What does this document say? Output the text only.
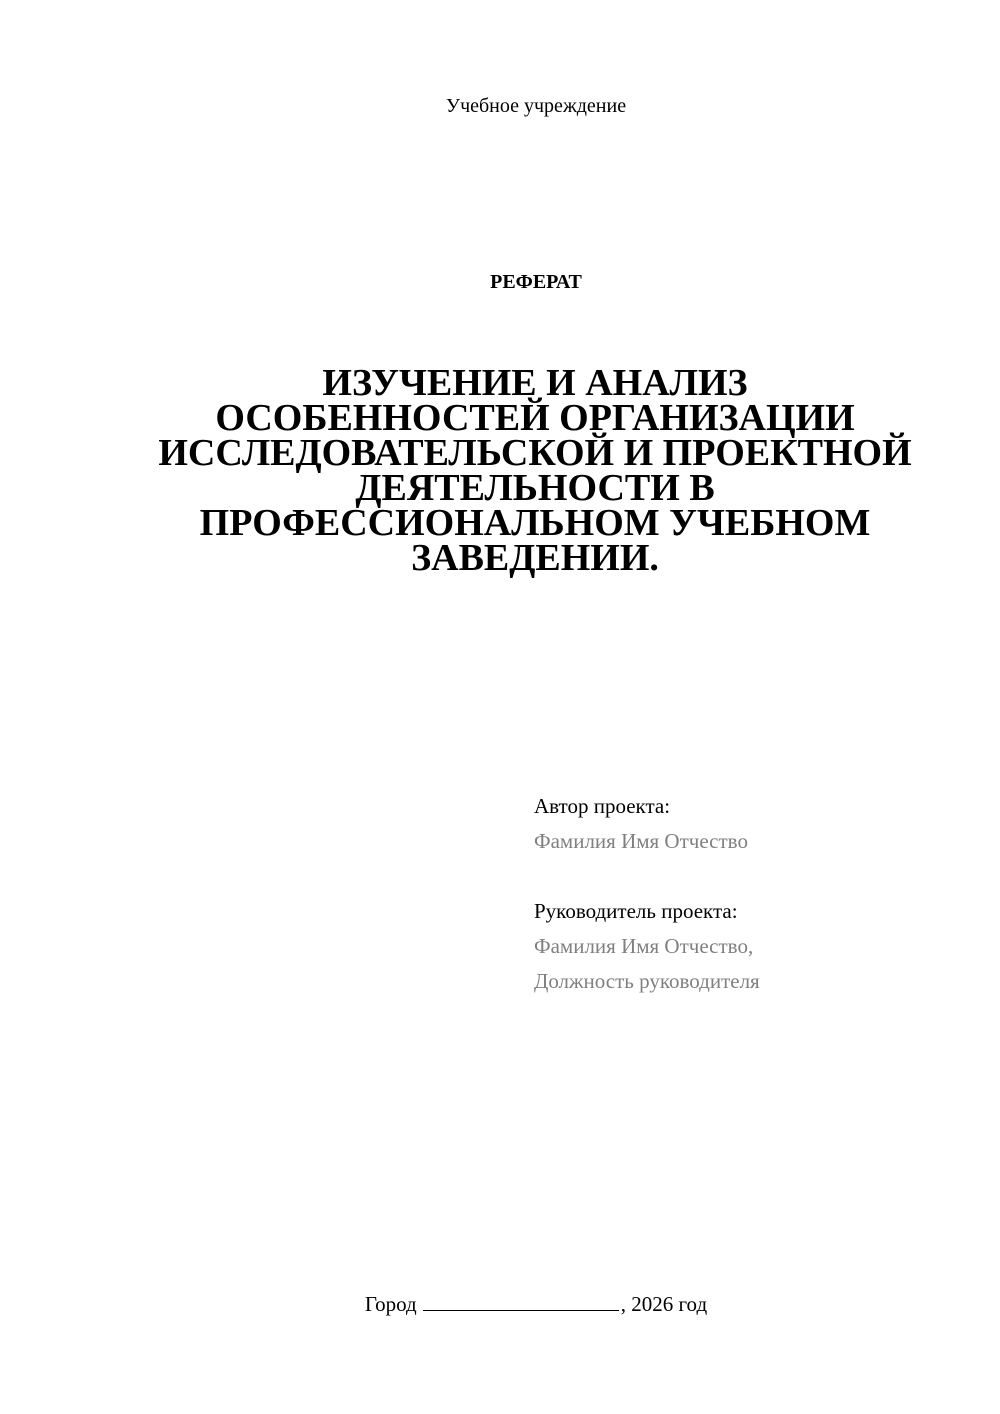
Учебное учреждение
РЕФЕРАТ
ИЗУЧЕНИЕ И АНАЛИЗ
ОСОБЕННОСТЕЙ ОРГАНИЗАЦИИ
ИССЛЕДОВАТЕЛЬСКОЙ И ПРОЕКТНОЙ
ДЕЯТЕЛЬНОСТИ В
ПРОФЕССИОНАЛЬНОМ УЧЕБНОМ
ЗАВЕДЕНИИ.
Автор проекта:
Фамилия Имя Отчество
Руководитель проекта:
Фамилия Имя Отчество,
Должность руководителя
Город	, 2026 год
